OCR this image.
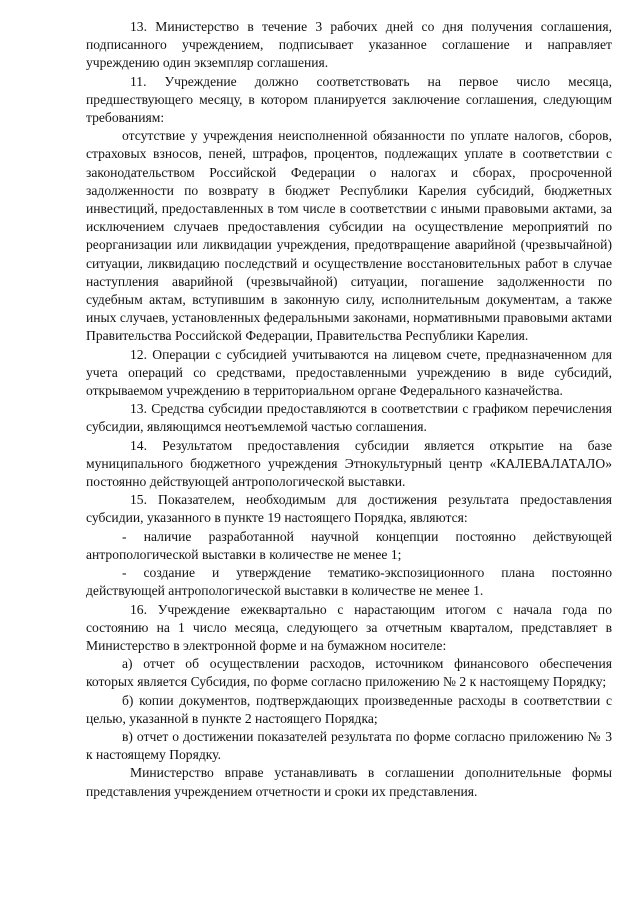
13. Министерство в течение 3 рабочих дней со дня получения соглашения, подписанного учреждением, подписывает указанное соглашение и направляет учреждению один экземпляр соглашения.

11. Учреждение должно соответствовать на первое число месяца, предшествующего месяцу, в котором планируется заключение соглашения, следующим требованиям:

отсутствие у учреждения неисполненной обязанности по уплате налогов, сборов, страховых взносов, пеней, штрафов, процентов, подлежащих уплате в соответствии с законодательством Российской Федерации о налогах и сборах, просроченной задолженности по возврату в бюджет Республики Карелия субсидий, бюджетных инвестиций, предоставленных в том числе в соответствии с иными правовыми актами, за исключением случаев предоставления субсидии на осуществление мероприятий по реорганизации или ликвидации учреждения, предотвращение аварийной (чрезвычайной) ситуации, ликвидацию последствий и осуществление восстановительных работ в случае наступления аварийной (чрезвычайной) ситуации, погашение задолженности по судебным актам, вступившим в законную силу, исполнительным документам, а также иных случаев, установленных федеральными законами, нормативными правовыми актами Правительства Российской Федерации, Правительства Республики Карелия.

12. Операции с субсидией учитываются на лицевом счете, предназначенном для учета операций со средствами, предоставленными учреждению в виде субсидий, открываемом учреждению в территориальном органе Федерального казначейства.

13. Средства субсидии предоставляются в соответствии с графиком перечисления субсидии, являющимся неотъемлемой частью соглашения.

14. Результатом предоставления субсидии является открытие на базе муниципального бюджетного учреждения Этнокультурный центр «КАЛЕВАЛАТАЛО» постоянно действующей антропологической выставки.

15. Показателем, необходимым для достижения результата предоставления субсидии, указанного в пункте 19 настоящего Порядка, являются:

- наличие разработанной научной концепции постоянно действующей антропологической выставки в количестве не менее 1;

- создание и утверждение тематико-экспозиционного плана постоянно действующей антропологической выставки в количестве не менее 1.

16. Учреждение ежеквартально с нарастающим итогом с начала года по состоянию на 1 число месяца, следующего за отчетным кварталом, представляет в Министерство в электронной форме и на бумажном носителе:

а) отчет об осуществлении расходов, источником финансового обеспечения которых является Субсидия, по форме согласно приложению № 2 к настоящему Порядку;

б) копии документов, подтверждающих произведенные расходы в соответствии с целью, указанной в пункте 2 настоящего Порядка;

в) отчет о достижении показателей результата по форме согласно приложению № 3 к настоящему Порядку.

Министерство вправе устанавливать в соглашении дополнительные формы представления учреждением отчетности и сроки их представления.
